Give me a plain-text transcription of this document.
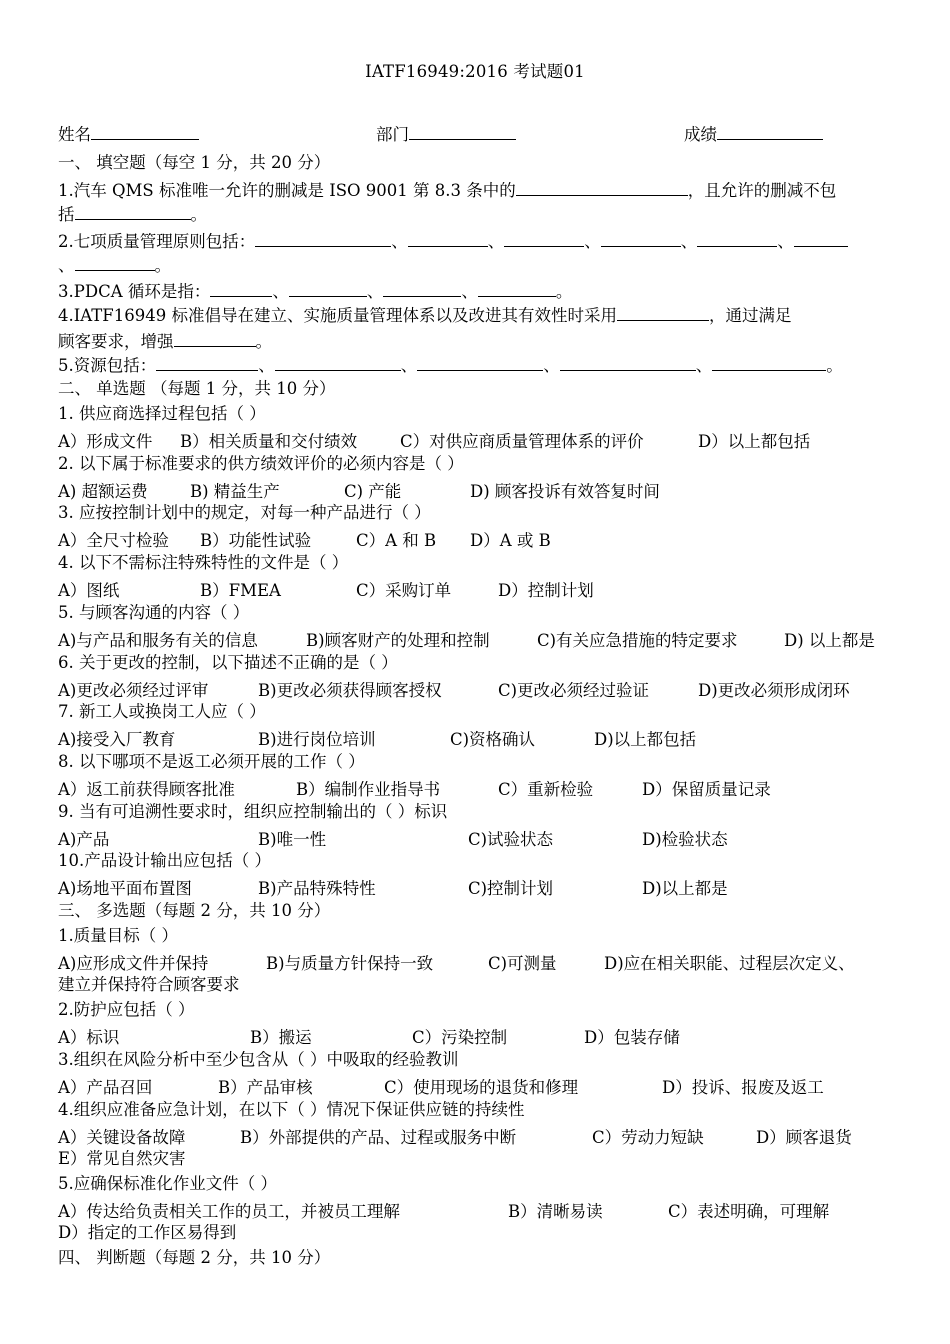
IATF16949:2016 考试题01
姓名	部门	成绩
一、 填空题（每空 1 分，共 20 分）
1.汽车 QMS 标准唯一允许的删减是 ISO 9001 第 8.3 条中的	，且允许的删减不包
括	。
2.七项质量管理原则包括：	、	、	、	、	、
、	。
3.PDCA 循环是指：	、	、	、	。
4.IATF16949 标准倡导在建立、实施质量管理体系以及改进其有效性时采用	，通过满足
顾客要求，增强	。
5.资源包括：	、	、	、	、	。
二、 单选题 （每题 1 分，共 10 分）
1. 供应商选择过程包括（ ）
A）形成文件 B）相关质量和交付绩效	C）对供应商质量管理体系的评价	D）以上都包括
2. 以下属于标准要求的供方绩效评价的必须内容是（ ）
A) 超额运费	B) 精益生产	C) 产能	D) 顾客投诉有效答复时间
3. 应按控制计划中的规定，对每一种产品进行（ ）
A）全尺寸检验 B）功能性试验	C）A 和 B D）A 或 B
4. 以下不需标注特殊特性的文件是（ ）
A）图纸	B）FMEA	C）采购订单	D）控制计划
5. 与顾客沟通的内容（ ）
A)与产品和服务有关的信息	B)顾客财产的处理和控制	C)有关应急措施的特定要求	D) 以上都是
6. 关于更改的控制，以下描述不正确的是（ ）
A)更改必须经过评审	B)更改必须获得顾客授权	C)更改必须经过验证	D)更改必须形成闭环
7. 新工人或换岗工人应（ ）
A)接受入厂教育	B)进行岗位培训	C)资格确认	D)以上都包括
8. 以下哪项不是返工必须开展的工作（ ）
A）返工前获得顾客批准	B）编制作业指导书	C）重新检验	D）保留质量记录
9. 当有可追溯性要求时，组织应控制输出的（ ）标识
A)产品	B)唯一性	C)试验状态	D)检验状态
10.产品设计输出应包括（ ）
A)场地平面布置图	B)产品特殊特性	C)控制计划	D)以上都是
三、 多选题（每题 2 分，共 10 分）
1.质量目标（ ）
A)应形成文件并保持	B)与质量方针保持一致	C)可测量	D)应在相关职能、过程层次定义、
建立并保持符合顾客要求
2.防护应包括（ ）
A）标识	B）搬运	C）污染控制	D）包装存储
3.组织在风险分析中至少包含从（ ）中吸取的经验教训
A）产品召回	B）产品审核	C）使用现场的退货和修理	D）投诉、报废及返工
4.组织应准备应急计划，在以下（ ）情况下保证供应链的持续性
A）关键设备故障	B）外部提供的产品、过程或服务中断	C）劳动力短缺	D）顾客退货
E）常见自然灾害
5.应确保标准化作业文件（ ）
A）传达给负责相关工作的员工，并被员工理解	B）清晰易读	C）表述明确，可理解
D）指定的工作区易得到
四、 判断题（每题 2 分，共 10 分）
